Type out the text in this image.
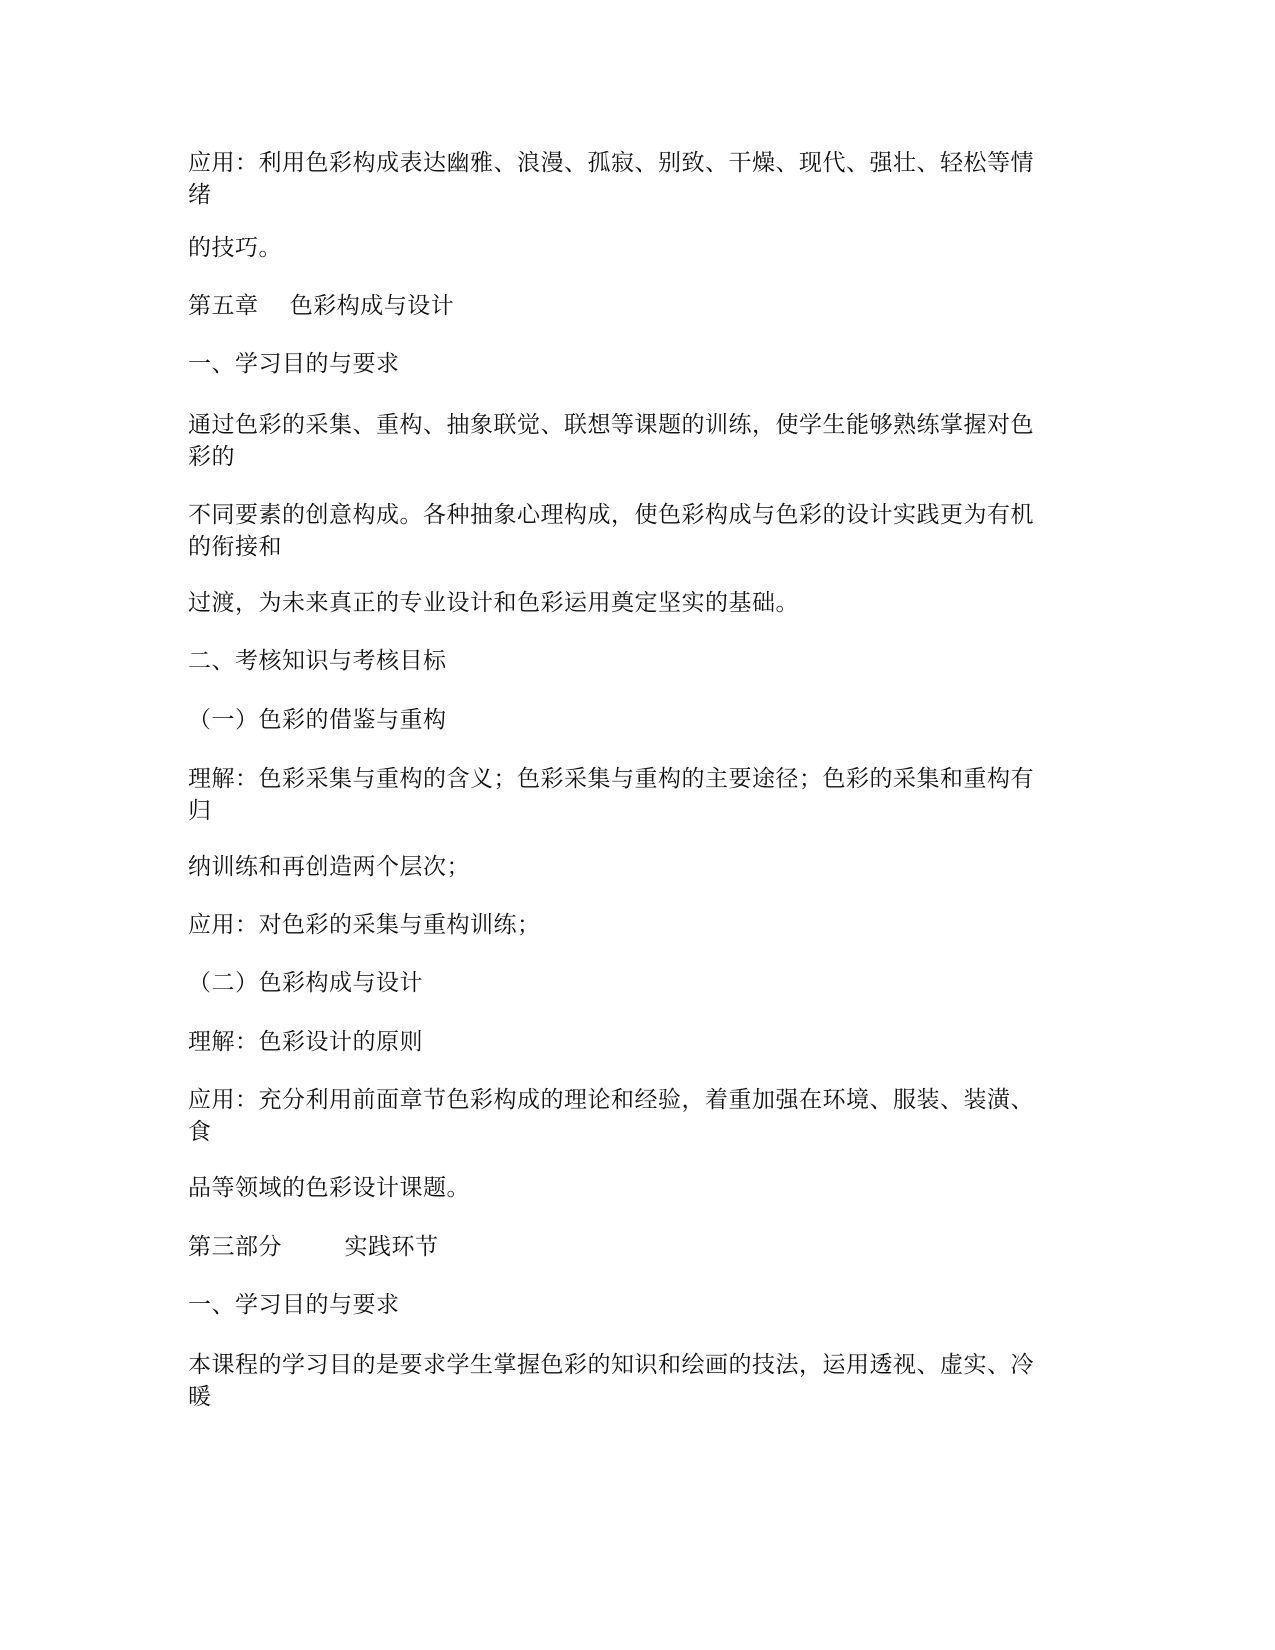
应用：利用色彩构成表达幽雅、浪漫、孤寂、别致、干燥、现代、强壮、轻松等情
绪
的技巧。
第五章    色彩构成与设计
一、学习目的与要求
通过色彩的采集、重构、抽象联觉、联想等课题的训练，使学生能够熟练掌握对色
彩的
不同要素的创意构成。各种抽象心理构成，使色彩构成与色彩的设计实践更为有机
的衔接和
过渡，为未来真正的专业设计和色彩运用奠定坚实的基础。
二、考核知识与考核目标
（一）色彩的借鉴与重构
理解：色彩采集与重构的含义；色彩采集与重构的主要途径；色彩的采集和重构有
归
纳训练和再创造两个层次；
应用：对色彩的采集与重构训练；
（二）色彩构成与设计
理解：色彩设计的原则
应用：充分利用前面章节色彩构成的理论和经验，着重加强在环境、服装、装潢、
食
品等领域的色彩设计课题。
第三部分        实践环节
一、学习目的与要求
本课程的学习目的是要求学生掌握色彩的知识和绘画的技法，运用透视、虚实、冷
暖
